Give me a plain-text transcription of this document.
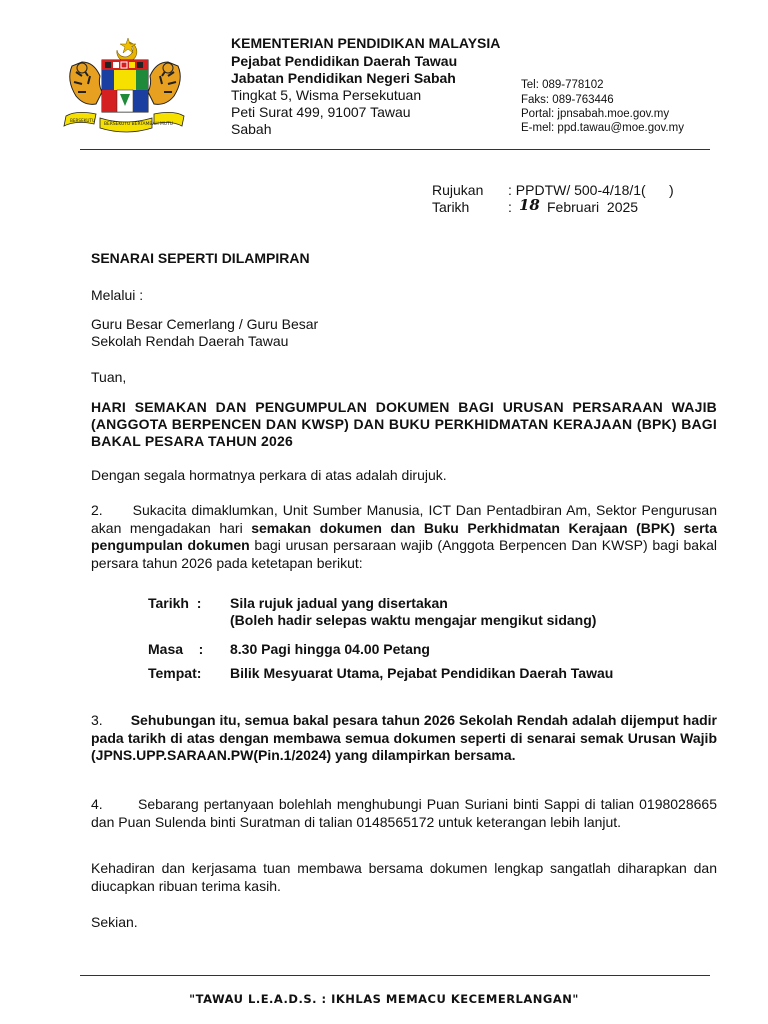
BERSEKUTU
BERSEKUTU BERTAMBAH MUTU
KEMENTERIAN PENDIDIKAN MALAYSIA
Pejabat Pendidikan Daerah Tawau
Jabatan Pendidikan Negeri Sabah
Tingkat 5, Wisma Persekutuan
Peti Surat 499, 91007 Tawau
Sabah
Tel: 089-778102
Faks: 089-763446
Portal: jpnsabah.moe.gov.my
E-mel: ppd.tawau@moe.gov.my
Rujukan : PPDTW/ 500-4/18/1(      )
Tarikh	: 18 Februari  2025
SENARAI SEPERTI DILAMPIRAN
Melalui :
Guru Besar Cemerlang / Guru Besar
Sekolah Rendah Daerah Tawau
Tuan,
HARI SEMAKAN DAN PENGUMPULAN DOKUMEN BAGI URUSAN PERSARAAN WAJIB (ANGGOTA BERPENCEN DAN KWSP) DAN BUKU PERKHIDMATAN KERAJAAN (BPK) BAGI BAKAL PESARA TAHUN 2026
Dengan segala hormatnya perkara di atas adalah dirujuk.
2. Sukacita dimaklumkan, Unit Sumber Manusia, ICT Dan Pentadbiran Am, Sektor Pengurusan akan mengadakan hari semakan dokumen dan Buku Perkhidmatan Kerajaan (BPK) serta pengumpulan dokumen bagi urusan persaraan wajib (Anggota Berpencen Dan KWSP) bagi bakal persara tahun 2026 pada ketetapan berikut:
Tarikh  : Sila rujuk jadual yang disertakan
(Boleh hadir selepas waktu mengajar mengikut sidang)
Masa    : 8.30 Pagi hingga 04.00 Petang
Tempat: Bilik Mesyuarat Utama, Pejabat Pendidikan Daerah Tawau
3. Sehubungan itu, semua bakal pesara tahun 2026 Sekolah Rendah adalah dijemput hadir pada tarikh di atas dengan membawa semua dokumen seperti di senarai semak Urusan Wajib (JPNS.UPP.SARAAN.PW(Pin.1/2024) yang dilampirkan bersama.
4.	Sebarang pertanyaan bolehlah menghubungi Puan Suriani binti Sappi di talian 0198028665 dan Puan Sulenda binti Suratman di talian 0148565172 untuk keterangan lebih lanjut.
Kehadiran dan kerjasama tuan membawa bersama dokumen lengkap sangatlah diharapkan dan diucapkan ribuan terima kasih.
Sekian.
"TAWAU L.E.A.D.S. : IKHLAS MEMACU KECEMERLANGAN"
